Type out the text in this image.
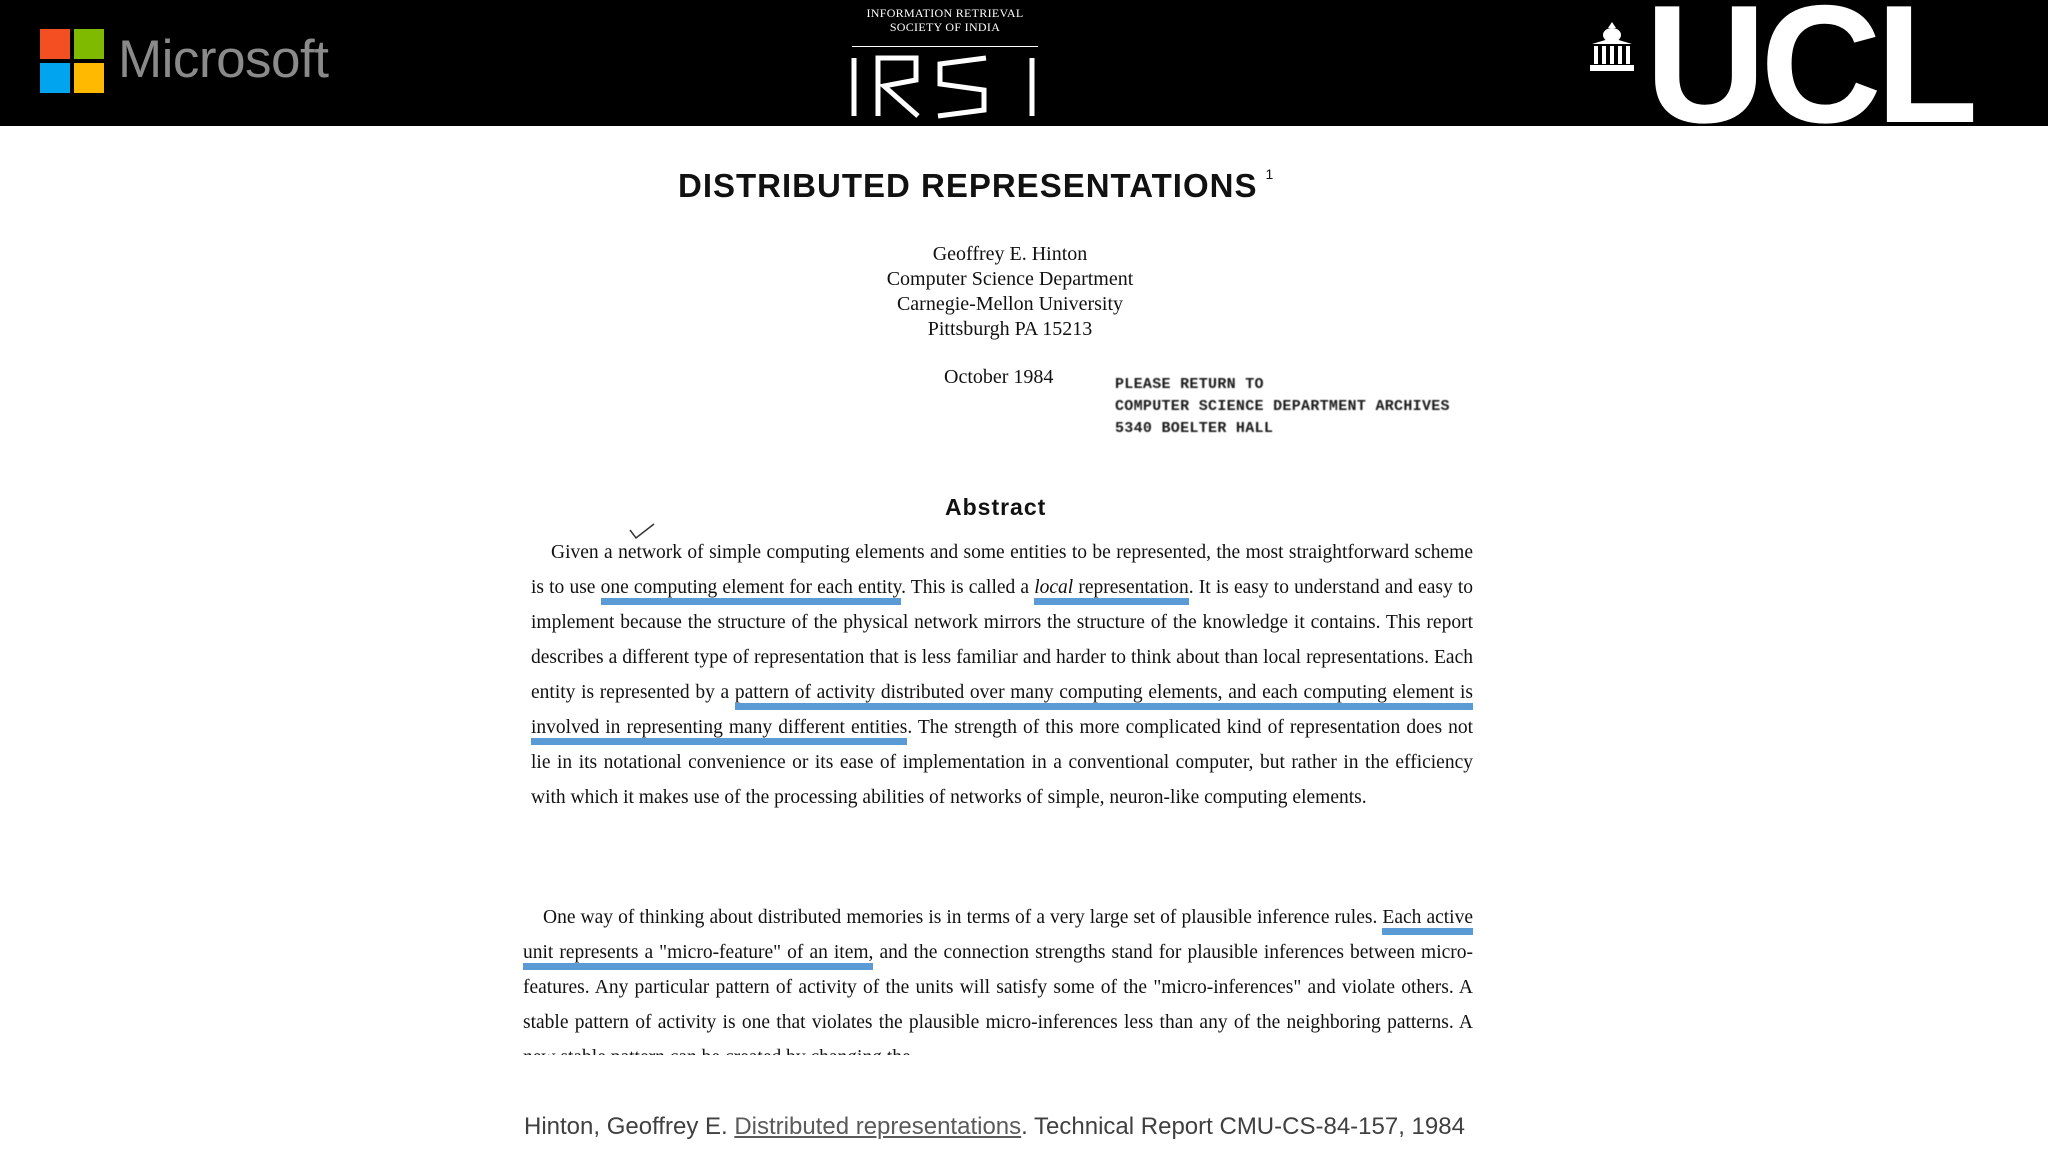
Microsoft
INFORMATION RETRIEVAL
SOCIETY OF INDIA	UCL
DISTRIBUTED REPRESENTATIONS $^1$
Geoffrey E. Hinton
Computer Science Department
Carnegie-Mellon University
Pittsburgh PA 15213
October 1984	PLEASE RETURN TO
COMPUTER SCIENCE DEPARTMENT ARCHIVES
5340 BOELTER HALL
Abstract
Given a network of simple computing elements and some entities to be represented, the most straightforward scheme is to use one computing element for each entity. This is called a local representation. It is easy to understand and easy to implement because the structure of the physical network mirrors the structure of the knowledge it contains. This report describes a different type of representation that is less familiar and harder to think about than local representations. Each entity is represented by a pattern of activity distributed over many computing elements, and each computing element is involved in representing many different entities. The strength of this more complicated kind of representation does not lie in its notational convenience or its ease of implementation in a conventional computer, but rather in the efficiency with which it makes use of the processing abilities of networks of simple, neuron-like computing elements.
One way of thinking about distributed memories is in terms of a very large set of plausible inference rules. Each active unit represents a "micro-feature" of an item, and the connection strengths stand for plausible inferences between micro-features. Any particular pattern of activity of the units will satisfy some of the "micro-inferences" and violate others. A stable pattern of activity is one that violates the plausible micro-inferences less than any of the neighboring patterns. A
Hinton, Geoffrey E. Distributed representations. Technical Report CMU-CS-84-157, 1984
